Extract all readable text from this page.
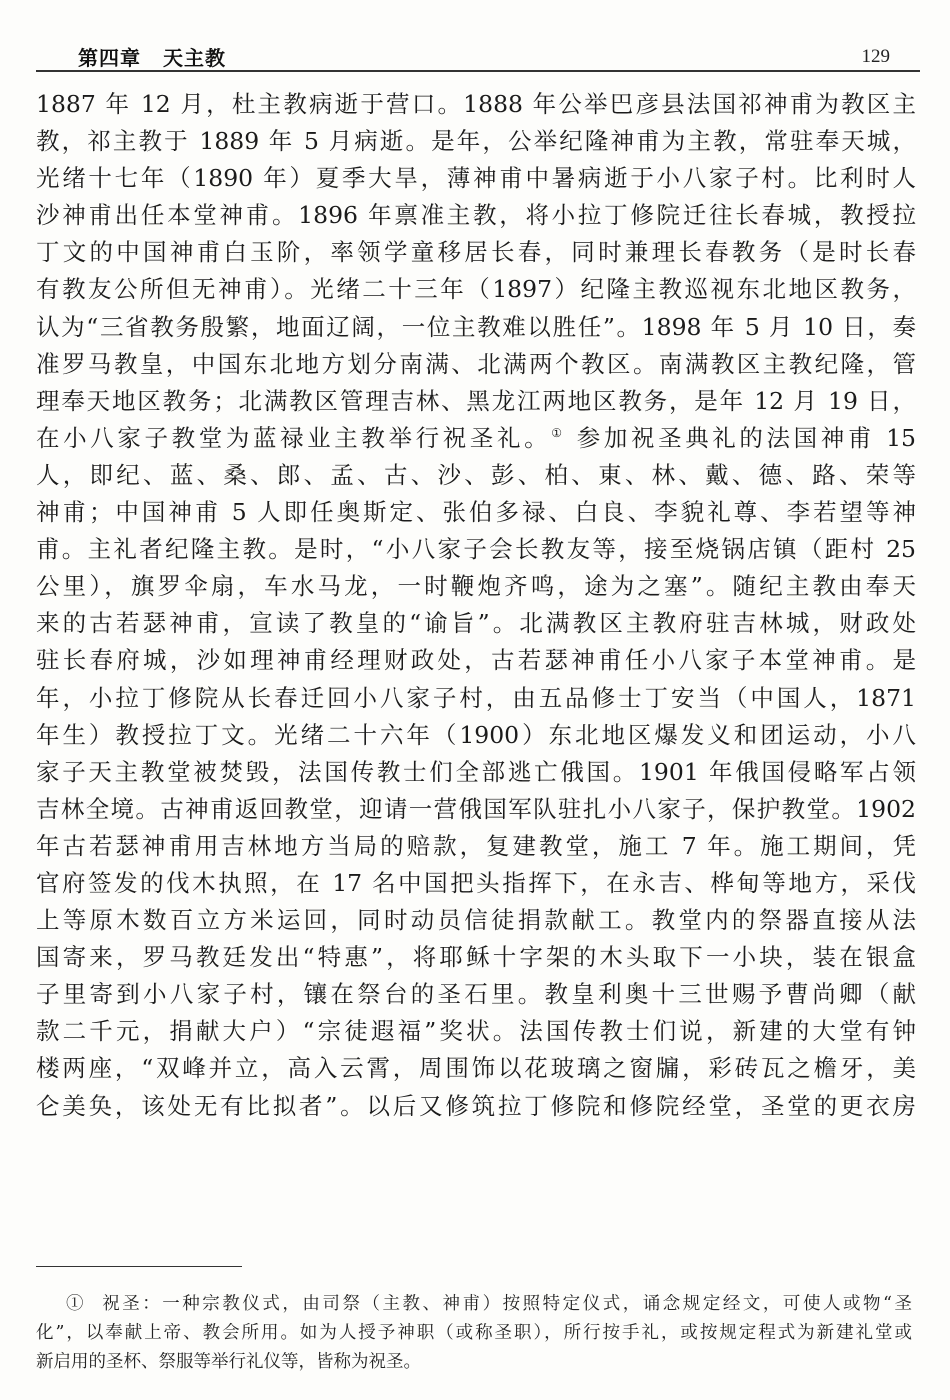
第四章 天主教	129
1887 年 12 月，杜主教病逝于营口。1888 年公举巴彦县法国祁神甫为教区主
教，祁主教于 1889 年 5 月病逝。是年，公举纪隆神甫为主教，常驻奉天城，
光绪十七年（1890 年）夏季大旱，薄神甫中暑病逝于小八家子村。比利时人
沙神甫出任本堂神甫。1896 年禀准主教，将小拉丁修院迁往长春城，教授拉
丁文的中国神甫白玉阶，率领学童移居长春，同时兼理长春教务（是时长春
有教友公所但无神甫）。光绪二十三年（1897）纪隆主教巡视东北地区教务，
认为“三省教务殷繁，地面辽阔，一位主教难以胜任”。1898 年 5 月 10 日，奏
准罗马教皇，中国东北地方划分南满、北满两个教区。南满教区主教纪隆，管
理奉天地区教务；北满教区管理吉林、黑龙江两地区教务，是年 12 月 19 日，
在小八家子教堂为蓝禄业主教举行祝圣礼。① 参加祝圣典礼的法国神甫 15
人，即纪、蓝、桑、郎、孟、古、沙、彭、柏、東、林、戴、德、路、荣等
神甫；中国神甫 5 人即任奥斯定、张伯多禄、白良、李貌礼尊、李若望等神
甫。主礼者纪隆主教。是时，“小八家子会长教友等，接至烧锅店镇（距村 25
公里），旗罗伞扇，车水马龙，一时鞭炮齐鸣，途为之塞”。随纪主教由奉天
来的古若瑟神甫，宣读了教皇的“谕旨”。北满教区主教府驻吉林城，财政处
驻长春府城，沙如理神甫经理财政处，古若瑟神甫任小八家子本堂神甫。是
年，小拉丁修院从长春迁回小八家子村，由五品修士丁安当（中国人，1871
年生）教授拉丁文。光绪二十六年（1900）东北地区爆发义和团运动，小八
家子天主教堂被焚毁，法国传教士们全部逃亡俄国。1901 年俄国侵略军占领
吉林全境。古神甫返回教堂，迎请一营俄国军队驻扎小八家子，保护教堂。1902
年古若瑟神甫用吉林地方当局的赔款，复建教堂，施工 7 年。施工期间，凭
官府签发的伐木执照，在 17 名中国把头指挥下，在永吉、桦甸等地方，采伐
上等原木数百立方米运回，同时动员信徒捐款献工。教堂内的祭器直接从法
国寄来，罗马教廷发出“特惠”，将耶稣十字架的木头取下一小块，装在银盒
子里寄到小八家子村，镶在祭台的圣石里。教皇利奥十三世赐予曹尚卿（献
款二千元，捐献大户）“宗徒遐福”奖状。法国传教士们说，新建的大堂有钟
楼两座，“双峰并立，高入云霄，周围饰以花玻璃之窗牖，彩砖瓦之檐牙，美
仑美奂，该处无有比拟者”。以后又修筑拉丁修院和修院经堂，圣堂的更衣房
① 祝圣：一种宗教仪式，由司祭（主教、神甫）按照特定仪式，诵念规定经文，可使人或物“圣
化”，以奉献上帝、教会所用。如为人授予神职（或称圣职），所行按手礼，或按规定程式为新建礼堂或
新启用的圣杯、祭服等举行礼仪等，皆称为祝圣。
